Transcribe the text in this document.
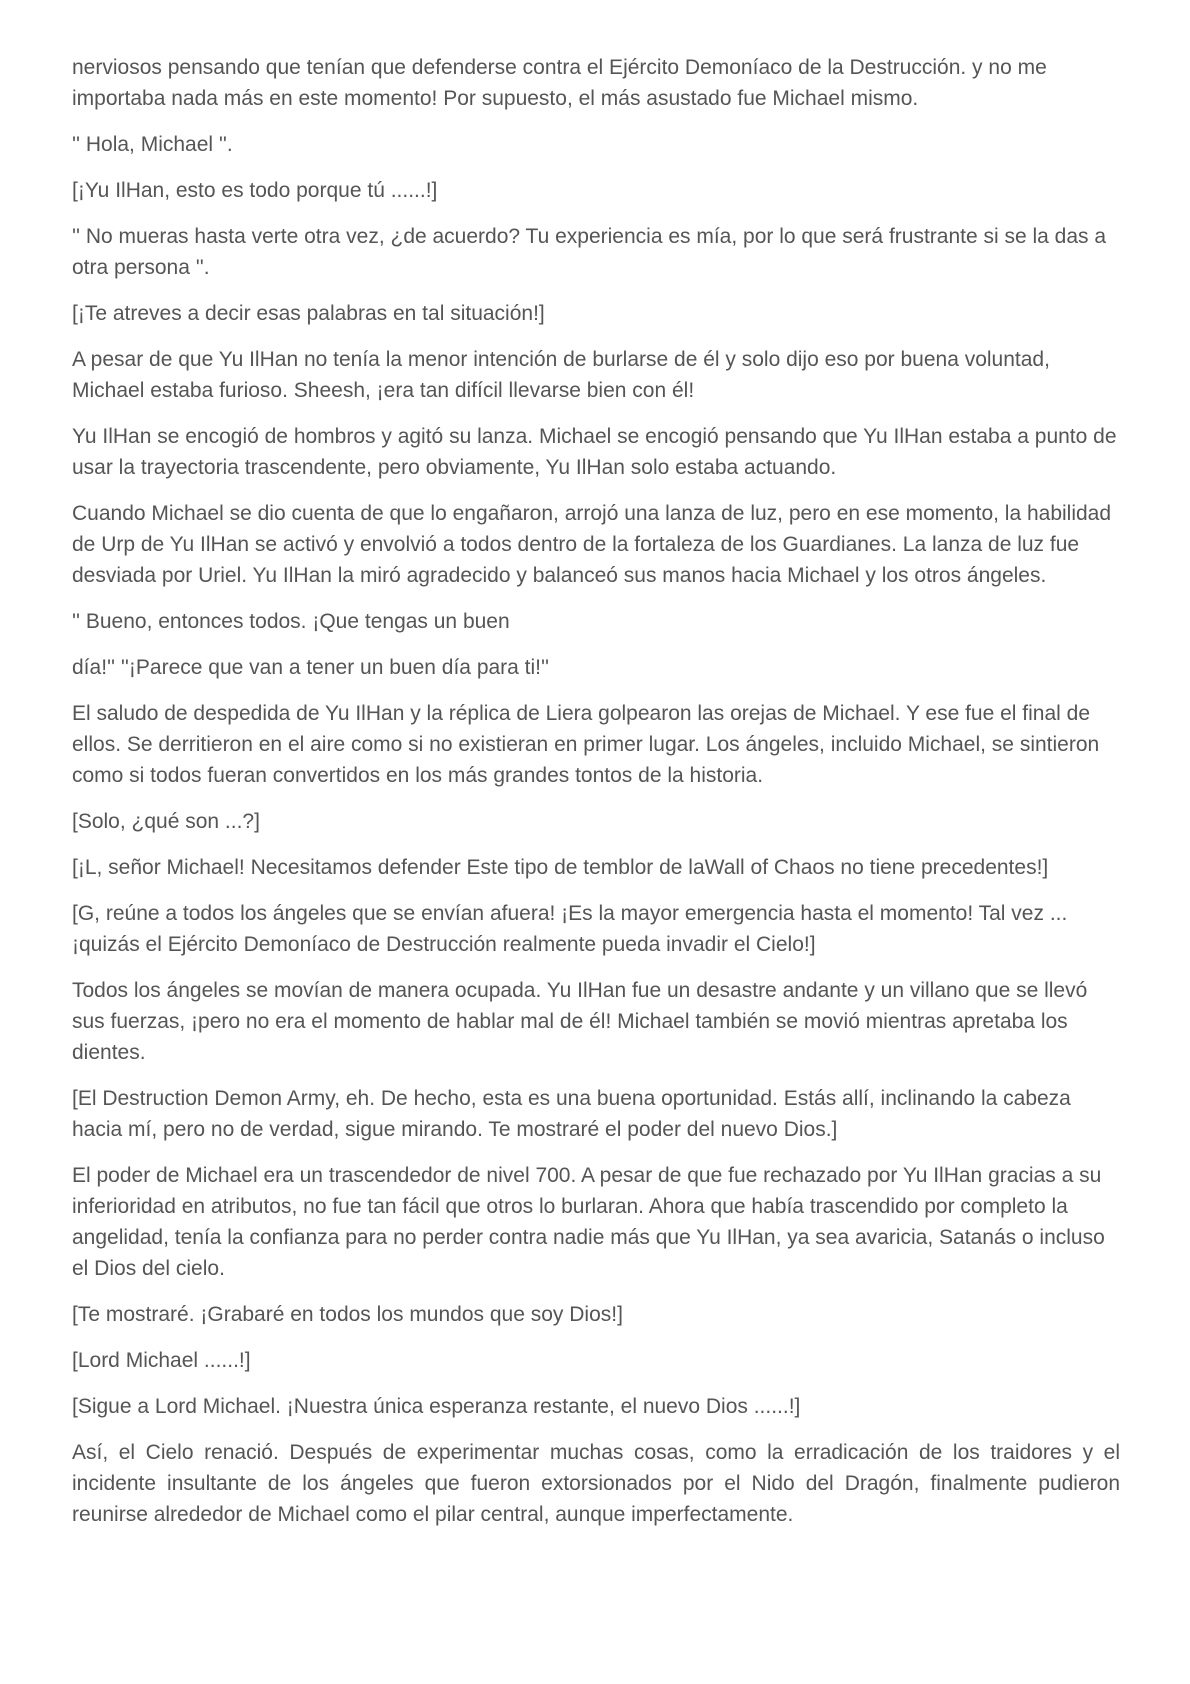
nerviosos pensando que tenían que defenderse contra el Ejército Demoníaco de la Destrucción. y no me importaba nada más en este momento! Por supuesto, el más asustado fue Michael mismo.

'' Hola, Michael ''.

[¡Yu IlHan, esto es todo porque tú ......!]

'' No mueras hasta verte otra vez, ¿de acuerdo? Tu experiencia es mía, por lo que será frustrante si se la das a otra persona ''.

[¡Te atreves a decir esas palabras en tal situación!]

A pesar de que Yu IlHan no tenía la menor intención de burlarse de él y solo dijo eso por buena voluntad, Michael estaba furioso. Sheesh, ¡era tan difícil llevarse bien con él!

Yu IlHan se encogió de hombros y agitó su lanza. Michael se encogió pensando que Yu IlHan estaba a punto de usar la trayectoria trascendente, pero obviamente, Yu IlHan solo estaba actuando.

Cuando Michael se dio cuenta de que lo engañaron, arrojó una lanza de luz, pero en ese momento, la habilidad de Urp de Yu IlHan se activó y envolvió a todos dentro de la fortaleza de los Guardianes. La lanza de luz fue desviada por Uriel. Yu IlHan la miró agradecido y balanceó sus manos hacia Michael y los otros ángeles.

'' Bueno, entonces todos. ¡Que tengas un buen

día!'' ''¡Parece que van a tener un buen día para ti!''

El saludo de despedida de Yu IlHan y la réplica de Liera golpearon las orejas de Michael. Y ese fue el final de ellos. Se derritieron en el aire como si no existieran en primer lugar. Los ángeles, incluido Michael, se sintieron como si todos fueran convertidos en los más grandes tontos de la historia.

[Solo, ¿qué son ...?]

[¡L, señor Michael! Necesitamos defender Este tipo de temblor de laWall of Chaos no tiene precedentes!]

[G, reúne a todos los ángeles que se envían afuera! ¡Es la mayor emergencia hasta el momento! Tal vez ... ¡quizás el Ejército Demoníaco de Destrucción realmente pueda invadir el Cielo!]

Todos los ángeles se movían de manera ocupada. Yu IlHan fue un desastre andante y un villano que se llevó sus fuerzas, ¡pero no era el momento de hablar mal de él! Michael también se movió mientras apretaba los dientes.

[El Destruction Demon Army, eh. De hecho, esta es una buena oportunidad. Estás allí, inclinando la cabeza hacia mí, pero no de verdad, sigue mirando. Te mostraré el poder del nuevo Dios.]

El poder de Michael era un trascendedor de nivel 700. A pesar de que fue rechazado por Yu IlHan gracias a su inferioridad en atributos, no fue tan fácil que otros lo burlaran. Ahora que había trascendido por completo la angelidad, tenía la confianza para no perder contra nadie más que Yu IlHan, ya sea avaricia, Satanás o incluso el Dios del cielo.

[Te mostraré. ¡Grabaré en todos los mundos que soy Dios!]

[Lord Michael ......!]

[Sigue a Lord Michael. ¡Nuestra única esperanza restante, el nuevo Dios ......!]

Así, el Cielo renació. Después de experimentar muchas cosas, como la erradicación de los traidores y el incidente insultante de los ángeles que fueron extorsionados por el Nido del Dragón, finalmente pudieron reunirse alrededor de Michael como el pilar central, aunque imperfectamente.
